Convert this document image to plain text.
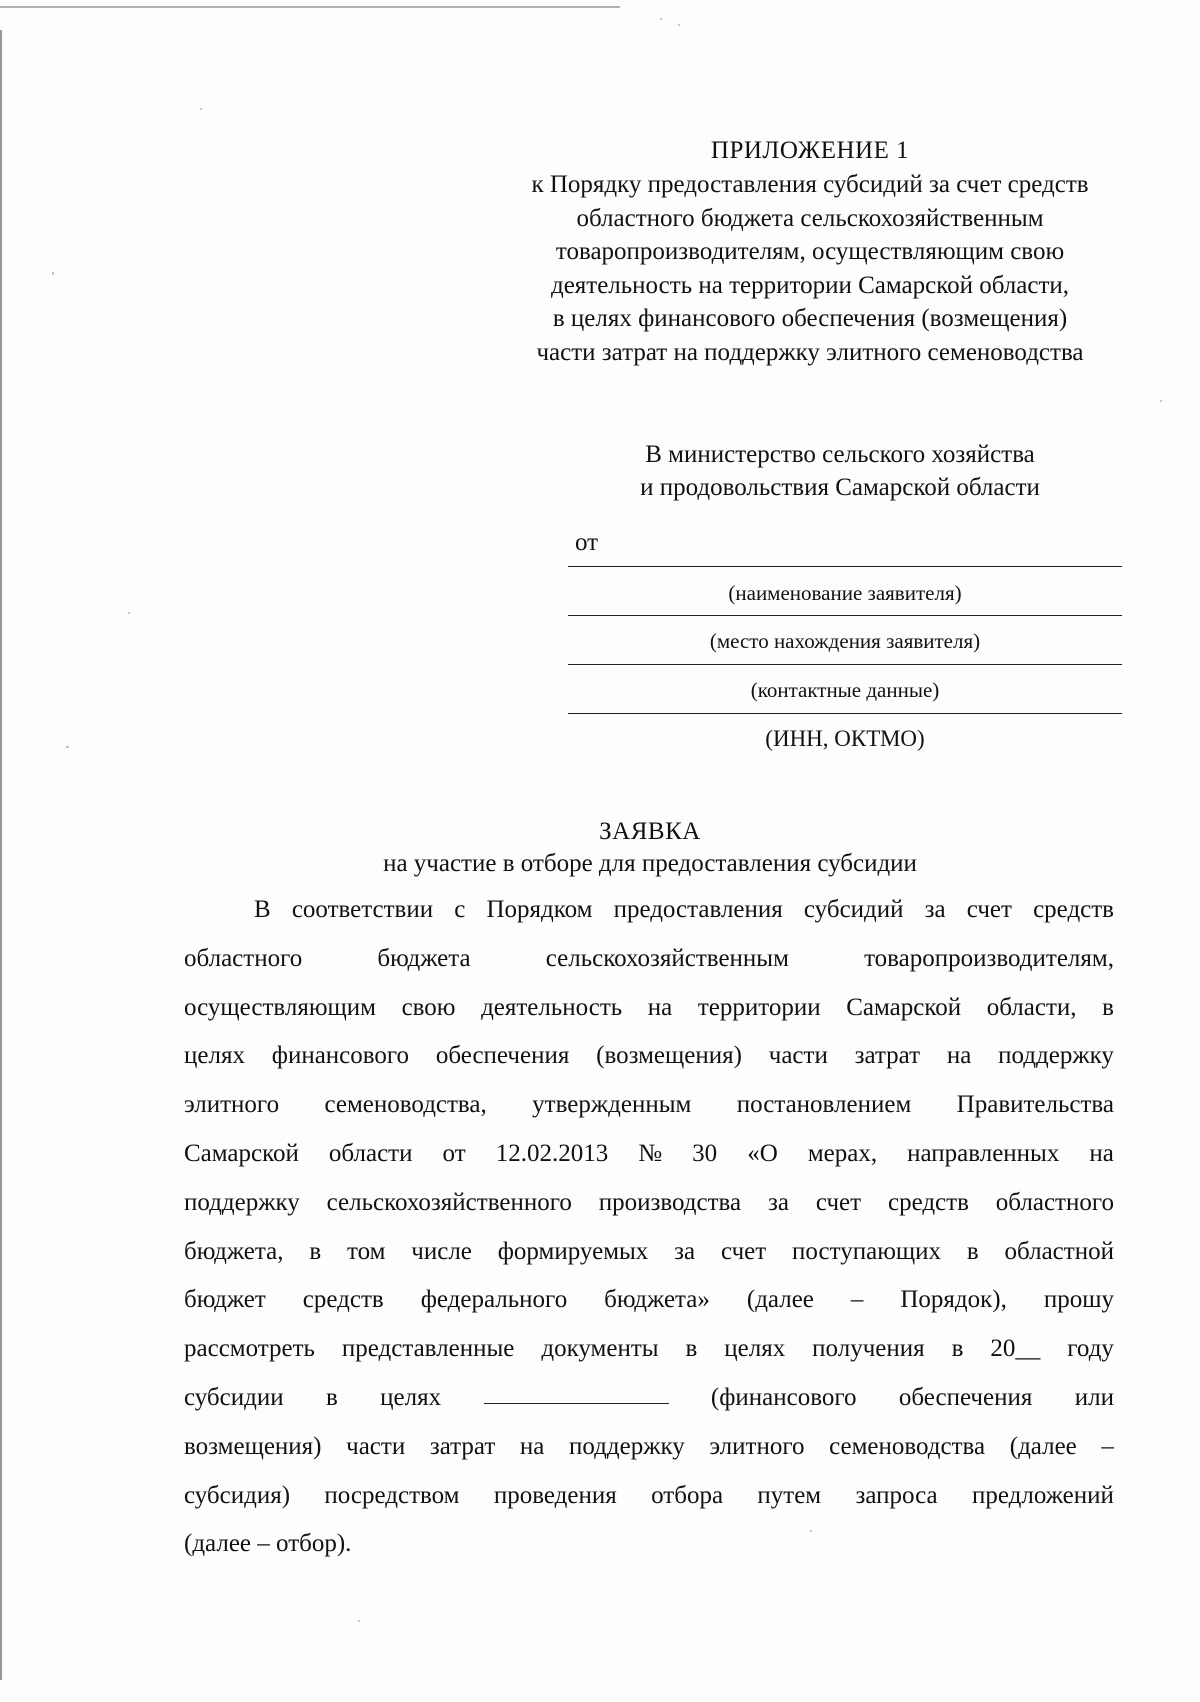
ПРИЛОЖЕНИЕ 1
к Порядку предоставления субсидий за счет средств
областного бюджета сельскохозяйственным
товаропроизводителям, осуществляющим свою
деятельность на территории Самарской области,
в целях финансового обеспечения (возмещения)
части затрат на поддержку элитного семеноводства
В министерство сельского хозяйства
и продовольствия Самарской области
от
(наименование заявителя)
(место нахождения заявителя)
(контактные данные)
(ИНН, ОКТМО)
ЗАЯВКА
на участие в отборе для предоставления субсидии
В соответствии с Порядком предоставления субсидий за счет средств
областного	бюджета	сельскохозяйственным	товаропроизводителям,
осуществляющим свою деятельность на территории Самарской области, в
целях финансового обеспечения (возмещения) части затрат на поддержку
элитного семеноводства, утвержденным постановлением Правительства
Самарской области от 12.02.2013 № 30 «О мерах, направленных на
поддержку сельскохозяйственного производства за счет средств областного
бюджета, в том числе формируемых за счет поступающих в областной
бюджет средств федерального бюджета» (далее – Порядок), прошу
рассмотреть представленные документы в целях получения в 20__ году
субсидии в целях	(финансового обеспечения или
возмещения) части затрат на поддержку элитного семеноводства (далее –
субсидия) посредством проведения отбора путем запроса предложений
(далее – отбор).
